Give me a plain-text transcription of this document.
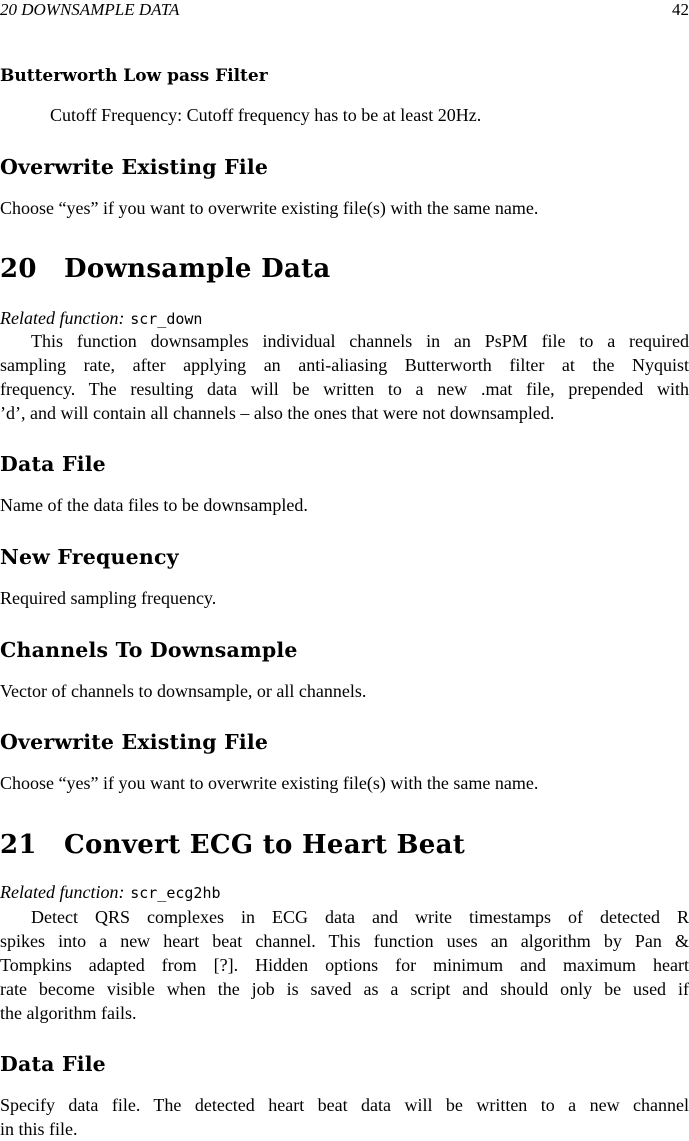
20 DOWNSAMPLE DATA	42
Butterworth Low pass Filter
Cutoff Frequency: Cutoff frequency has to be at least 20Hz.
Overwrite Existing File
Choose “yes” if you want to overwrite existing file(s) with the same name.
20 Downsample Data
Related function: scr_down
This function downsamples individual channels in an PsPM file to a required
sampling rate, after applying an anti-aliasing Butterworth filter at the Nyquist
frequency. The resulting data will be written to a new .mat file, prepended with
’d’, and will contain all channels – also the ones that were not downsampled.
Data File
Name of the data files to be downsampled.
New Frequency
Required sampling frequency.
Channels To Downsample
Vector of channels to downsample, or all channels.
Overwrite Existing File
Choose “yes” if you want to overwrite existing file(s) with the same name.
21 Convert ECG to Heart Beat
Related function: scr_ecg2hb
Detect QRS complexes in ECG data and write timestamps of detected R
spikes into a new heart beat channel. This function uses an algorithm by Pan &
Tompkins adapted from [?]. Hidden options for minimum and maximum heart
rate become visible when the job is saved as a script and should only be used if
the algorithm fails.
Data File
Specify data file. The detected heart beat data will be written to a new channel
in this file.
